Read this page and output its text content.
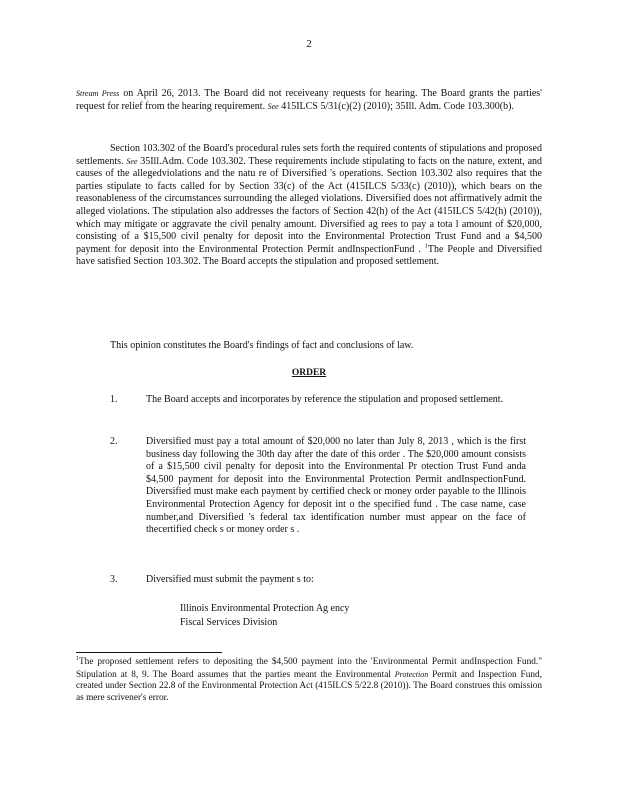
2
Stream Press on April 26, 2013. The Board did not receiveany requests for hearing. The Board grants the parties' request for relief from the hearing requirement. See 415ILCS 5/31(c)(2) (2010); 35Ill. Adm. Code 103.300(b).
Section 103.302 of the Board's procedural rules sets forth the required contents of stipulations and proposed settlements. See 35Ill.Adm. Code 103.302. These requirements include stipulating to facts on the nature, extent, and causes of the allegedviolations and the natu re of Diversified 's operations. Section 103.302 also requires that the parties stipulate to facts called for by Section 33(c) of the Act (415ILCS 5/33(c) (2010)), which bears on the reasonableness of the circumstances surrounding the alleged violations. Diversified does not affirmatively admit the alleged violations. The stipulation also addresses the factors of Section 42(h) of the Act (415ILCS 5/42(h) (2010)), which may mitigate or aggravate the civil penalty amount. Diversified ag rees to pay a tota l amount of $20,000, consisting of a $15,500 civil penalty for deposit into the Environmental Protection Trust Fund and a $4,500 payment for deposit into the Environmental Protection Permit andInspectionFund . $^1$The People and Diversified have satisfied Section 103.302. The Board accepts the stipulation and proposed settlement.
This opinion constitutes the Board's findings of fact and conclusions of law.
ORDER
1.	The Board accepts and incorporates by reference the stipulation and proposed settlement.
2.	Diversified must pay a total amount of $20,000 no later than July 8, 2013 , which is the first business day following the 30th day after the date of this order . The $20,000 amount consists of a $15,500 civil penalty for deposit into the Environmental Pr otection Trust Fund anda $4,500 payment for deposit into the Environmental Protection Permit andInspectionFund. Diversified must make each payment by certified check or money order payable to the Illinois Environmental Protection Agency for deposit int o the specified fund . The case name, case number,and Diversified 's federal tax identification number must appear on the face of thecertified check s or money order s .
3.	Diversified must submit the payment s to:
Illinois Environmental Protection Ag ency
Fiscal Services Division
$^1$The proposed settlement refers to depositing the $4,500 payment into the 'Environmental Permit andInspection Fund." Stipulation at 8, 9. The Board assumes that the parties meant the Environmental Protection Permit and Inspection Fund, created under Section 22.8 of the Environmental Protection Act (415ILCS 5/22.8 (2010)). The Board construes this omission as mere scrivener's error.
